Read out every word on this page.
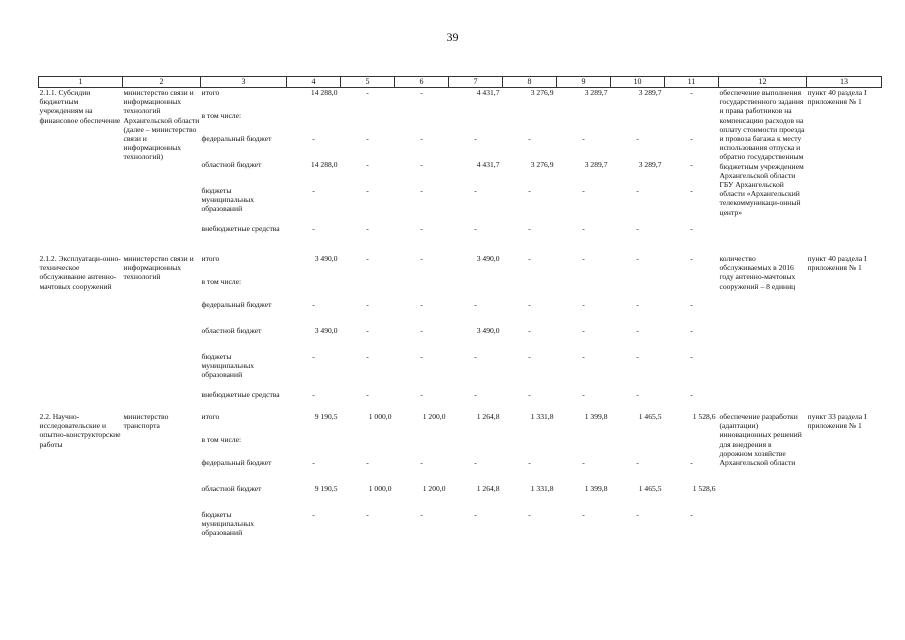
39
1	2	3	4	5	6	7	8	9	10	11	12	13
2.1.1. Субсидии бюджетным учреждениям на финансовое обеспечение	министерство связи и информационных технологий Архангельской области (далее – министерство связи и информационных технологий)	итого	14 288,0	-	-	4 431,7	3 276,9	3 289,7	3 289,7	-	обеспечение выполнения государственного задания и права работников на компенсацию расходов на оплату стоимости проезда и провоза багажа к месту использования отпуска и обратно государственным бюджетным учреждением Архангельской области ГБУ Архангельской области «Архангельский телекоммуникаци-онный центр»	пункт 40 раздела I приложения № 1
		в том числе:										
		федеральный бюджет	-	-	-	-	-	-	-	-		
		областной бюджет	14 288,0	-	-	4 431,7	3 276,9	3 289,7	3 289,7	-		
		бюджеты муниципальных образований	-	-	-	-	-	-	-	-		
		внебюджетные средства	-	-	-	-	-	-	-	-		
2.1.2. Эксплуатаци-онно-техническое обслуживание антенно-мачтовых сооружений	министерство связи и информационных технологий	итого	3 490,0	-	-	3 490,0	-	-	-	-	количество обслуживаемых в 2016 году антенно-мачтовых сооружений – 8 единиц	пункт 40 раздела I приложения № 1
		в том числе:										
		федеральный бюджет	-	-	-	-	-	-	-	-		
		областной бюджет	3 490,0	-	-	3 490,0	-	-	-	-		
		бюджеты муниципальных образований	-	-	-	-	-	-	-	-		
		внебюджетные средства	-	-	-	-	-	-	-	-		
2.2. Научно-исследовательские и опытно-конструкторские работы	министерство транспорта	итого	9 190,5	1 000,0	1 200,0	1 264,8	1 331,8	1 399,8	1 465,5	1 528,6	обеспечение разработки (адаптации) инновационных решений для внедрения в дорожном хозяйстве Архангельской области	пункт 33 раздела I приложения № 1
		в том числе:										
		федеральный бюджет	-	-	-	-	-	-	-	-		
		областной бюджет	9 190,5	1 000,0	1 200,0	1 264,8	1 331,8	1 399,8	1 465,5	1 528,6		
		бюджеты муниципальных образований	-	-	-	-	-	-	-	-		
